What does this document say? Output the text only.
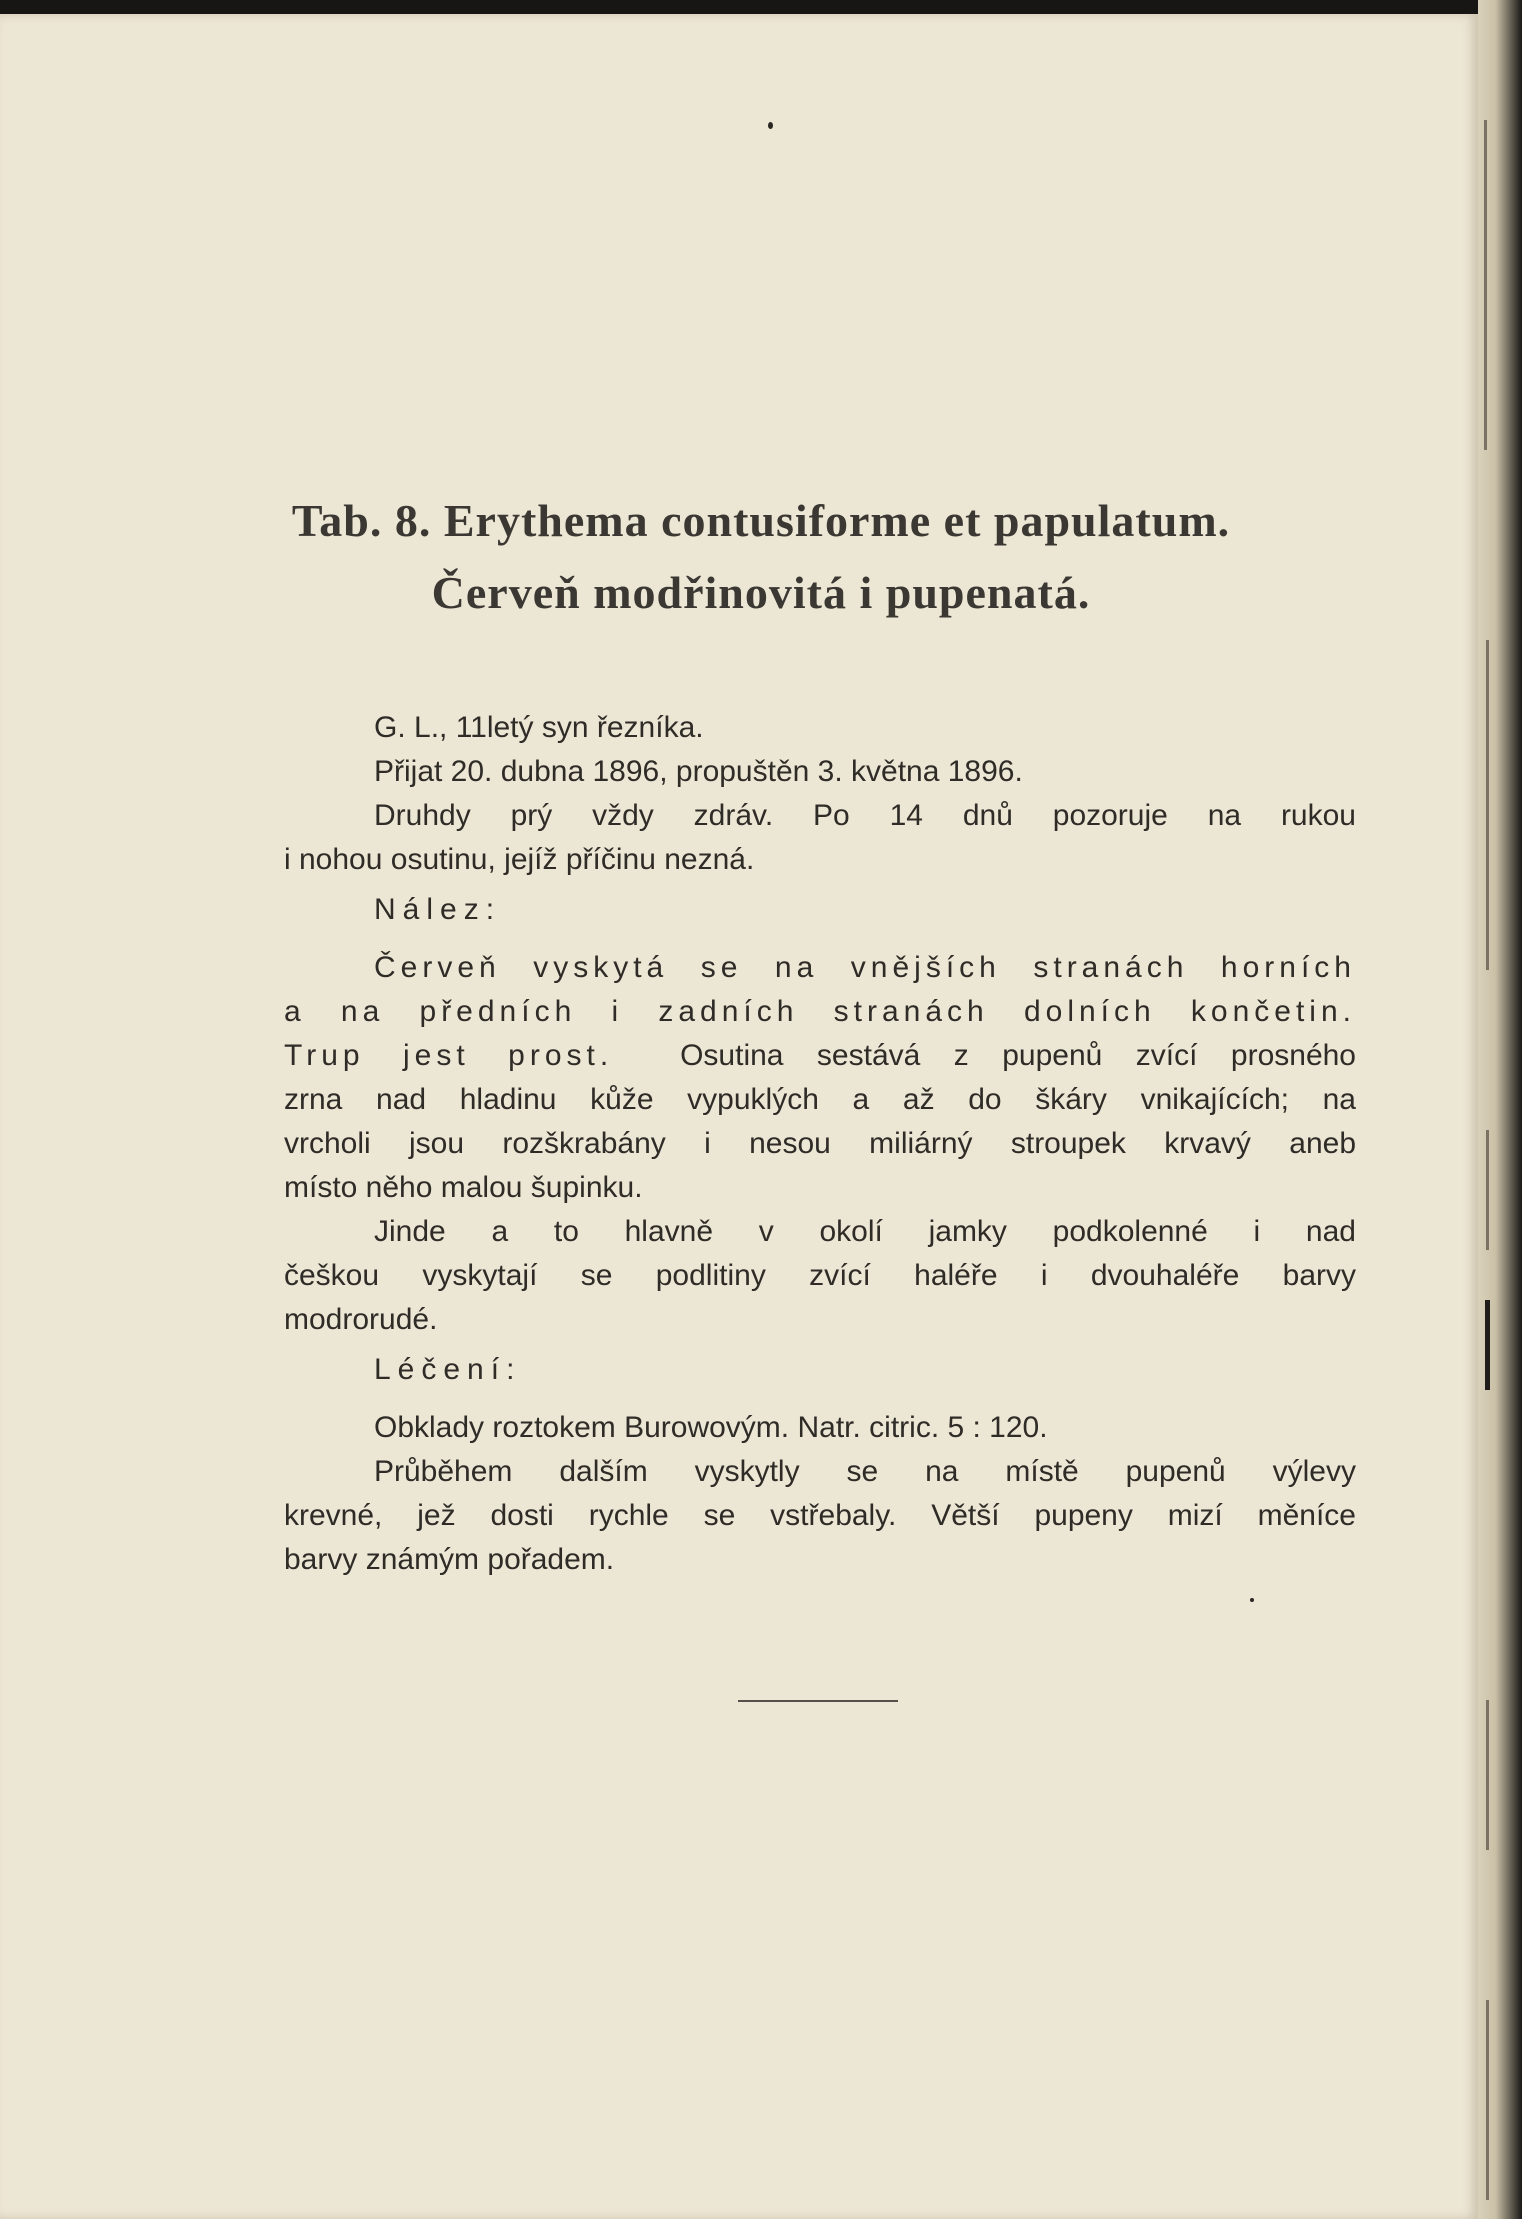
Tab. 8. Erythema contusiforme et papulatum.
Červeň modřinovitá i pupenatá.

G. L., 11letý syn řezníka.

Přijat 20. dubna 1896, propuštěn 3. května 1896.

Druhdy prý vždy zdráv. Po 14 dnů pozoruje na rukou

i nohou osutinu, jejíž příčinu nezná.

Nález:

Červeň vyskytá se na vnějších stranách horních

a na předních i zadních stranách dolních končetin.

Trup jest prost. Osutina sestává z pupenů zvící prosného

zrna nad hladinu kůže vypuklých a až do škáry vnikajících; na

vrcholi jsou rozškrabány i nesou miliárný stroupek krvavý aneb

místo něho malou šupinku.

Jinde a to hlavně v okolí jamky podkolenné i nad

češkou vyskytají se podlitiny zvící haléře i dvouhaléře barvy

modrorudé.

Léčení:

Obklady roztokem Burowovým. Natr. citric. 5 : 120.

Průběhem dalším vyskytly se na místě pupenů výlevy

krevné, jež dosti rychle se vstřebaly. Větší pupeny mizí měníce

barvy známým pořadem.
